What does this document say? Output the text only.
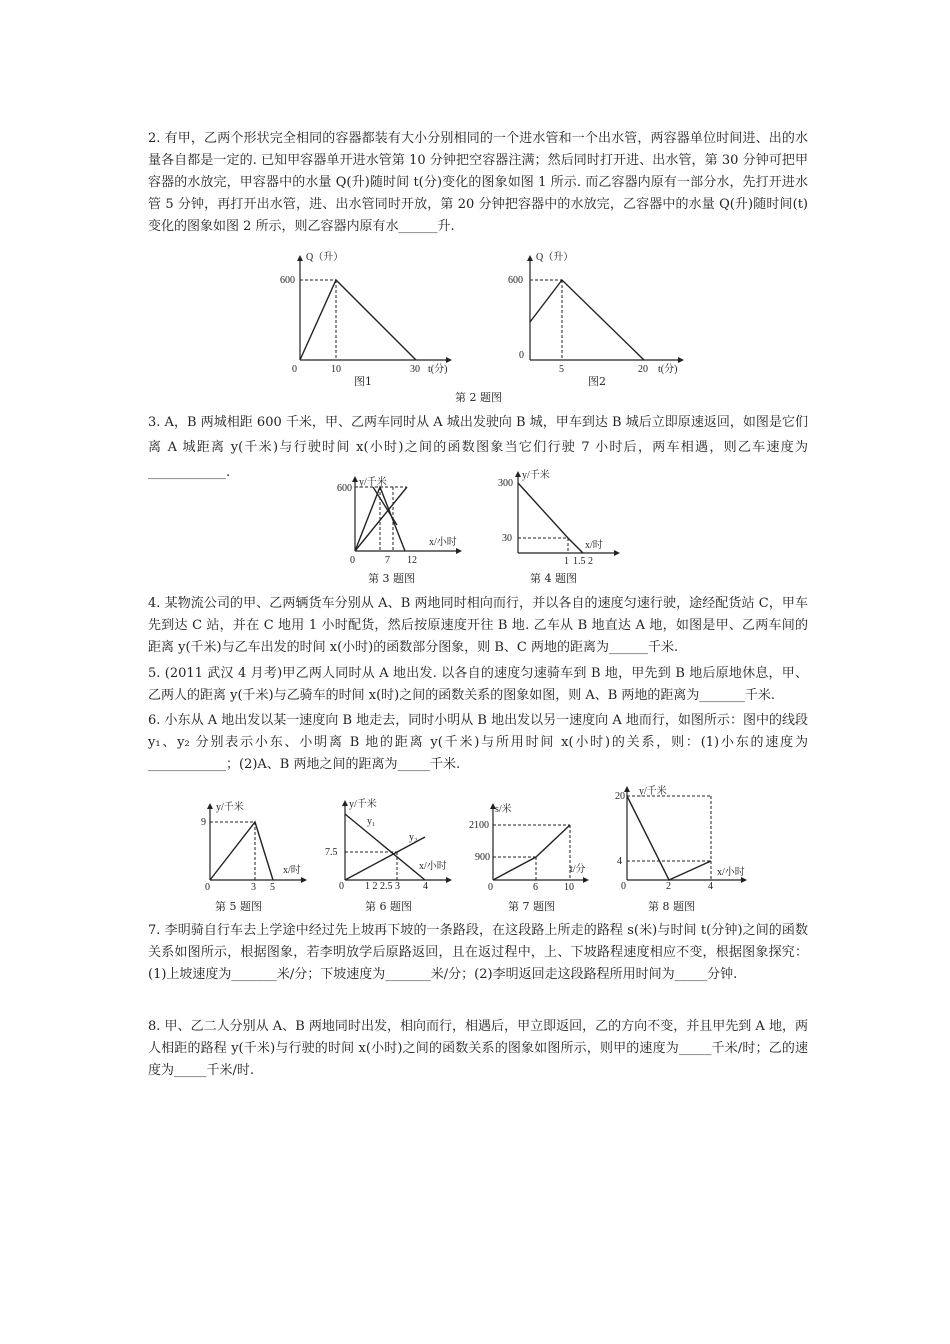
2. 有甲，乙两个形状完全相同的容器都装有大小分别相同的一个进水管和一个出水管，两容器单位时间进、出的水量各自都是一定的. 已知甲容器单开进水管第 10 分钟把空容器注满；然后同时打开进、出水管，第 30 分钟可把甲容器的水放完，甲容器中的水量 Q(升)随时间 t(分)变化的图象如图 1 所示. 而乙容器内原有一部分水，先打开进水管 5 分钟，再打开出水管，进、出水管同时开放，第 20 分钟把容器中的水放完，乙容器中的水量 Q(升)随时间(t)变化的图象如图 2 所示，则乙容器内原有水______升.
Q（升）
600
0	10	30 t(分)
图1
Q（升）
600
0
5	20 t(分)
图2
第 2 题图
3. A，B 两城相距 600 千米，甲、乙两车同时从 A 城出发驶向 B 城，甲车到达 B 城后立即原速返回，如图是它们离 A 城距离 y(千米)与行驶时间 x(小时)之间的函数图象当它们行驶 7 小时后，两车相遇，则乙车速度为 ____________.
y/千米
600
x/小时
0	7 12
第 3 题图
y/千米
300
30
x/时
1 1.5 2
第 4 题图
4. 某物流公司的甲、乙两辆货车分别从 A、B 两地同时相向而行，并以各自的速度匀速行驶，途经配货站 C，甲车先到达 C 站，并在 C 地用 1 小时配货，然后按原速度开往 B 地. 乙车从 B 地直达 A 地，如图是甲、乙两车间的距离 y(千米)与乙车出发的时间 x(小时)的函数部分图象，则 B、C 两地的距离为______千米.
5. (2011 武汉 4 月考)甲乙两人同时从 A 地出发. 以各自的速度匀速骑车到 B 地，甲先到 B 地后原地休息，甲、乙两人的距离 y(千米)与乙骑车的时间 x(时)之间的函数关系的图象如图，则 A、B 两地的距离为_______千米.
6. 小东从 A 地出发以某一速度向 B 地走去，同时小明从 B 地出发以另一速度向 A 地而行，如图所示：图中的线段 y₁、y₂ 分别表示小东、小明离 B 地的距离 y(千米)与所用时间 x(小时)的关系，则：(1)小东的速度为____________；(2)A、B 两地之间的距离为_____千米.
y/千米
9
x/时
0	3 5
第 5 题图
y/千米
y₁
y₂
7.5
x/小时
0 1 2 2.5 3 4
第 6 题图
s/米
2100
900
t/分
0	6	10
第 7 题图
y/千米
20
4
x/小时
0	2	4
第 8 题图
7. 李明骑自行车去上学途中经过先上坡再下坡的一条路段，在这段路上所走的路程 s(米)与时间 t(分钟)之间的函数关系如图所示，根据图象，若李明放学后原路返回，且在返过程中，上、下坡路程速度相应不变，根据图象探究：(1)上坡速度为_______米/分；下坡速度为_______米/分；(2)李明返回走这段路程所用时间为_____分钟.
8. 甲、乙二人分别从 A、B 两地同时出发，相向而行，相遇后，甲立即返回，乙的方向不变，并且甲先到 A 地，两人相距的路程 y(千米)与行驶的时间 x(小时)之间的函数关系的图象如图所示，则甲的速度为_____千米/时；乙的速度为_____千米/时.
